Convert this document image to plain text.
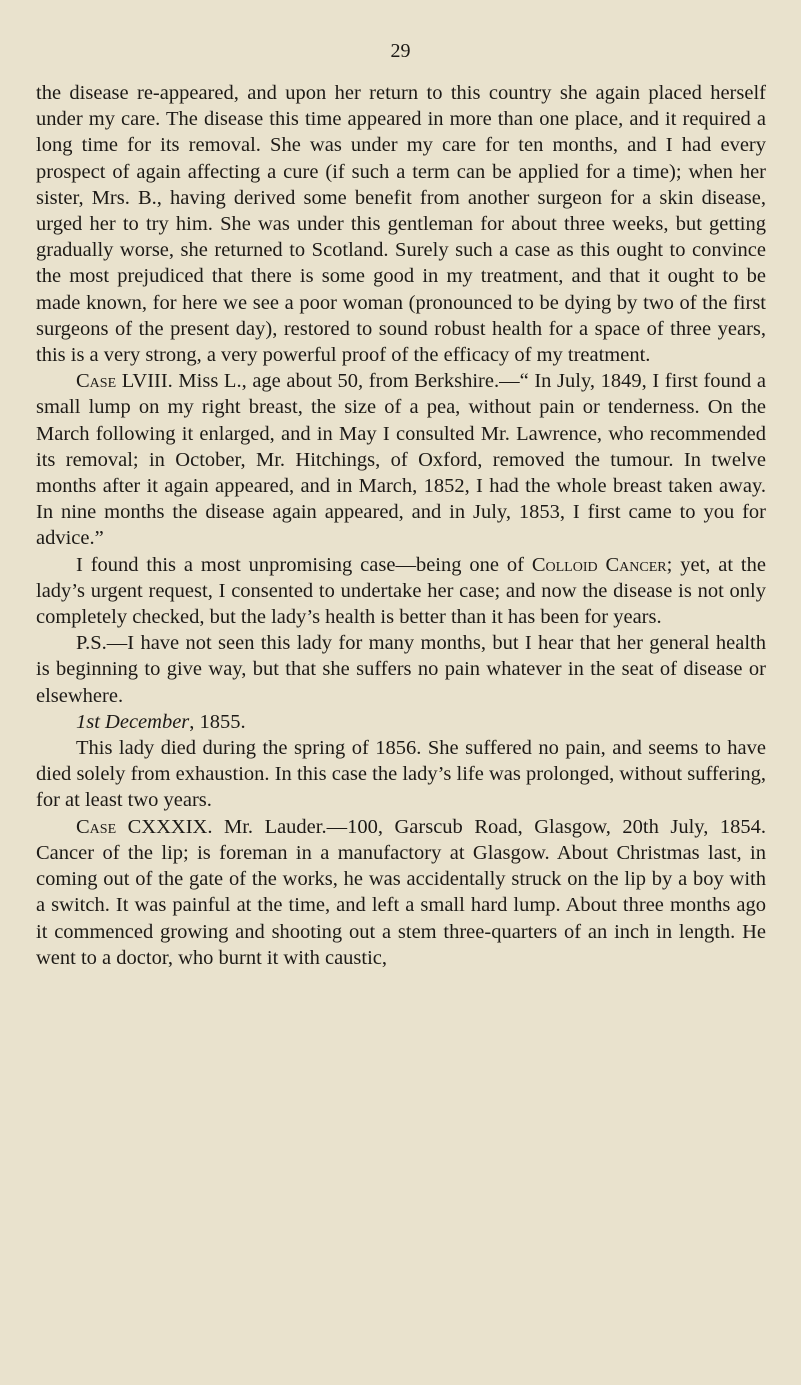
29

the disease re-appeared, and upon her return to this country she again placed herself under my care. The disease this time appeared in more than one place, and it required a long time for its removal. She was under my care for ten months, and I had every prospect of again affecting a cure (if such a term can be applied for a time); when her sister, Mrs. B., having derived some benefit from another surgeon for a skin disease, urged her to try him. She was under this gentleman for about three weeks, but getting gradually worse, she returned to Scotland. Surely such a case as this ought to convince the most prejudiced that there is some good in my treatment, and that it ought to be made known, for here we see a poor woman (pronounced to be dying by two of the first surgeons of the present day), restored to sound robust health for a space of three years, this is a very strong, a very powerful proof of the efficacy of my treatment.

Case LVIII. Miss L., age about 50, from Berkshire.—“ In July, 1849, I first found a small lump on my right breast, the size of a pea, without pain or tenderness. On the March following it enlarged, and in May I consulted Mr. Lawrence, who recommended its removal; in October, Mr. Hitchings, of Oxford, removed the tumour. In twelve months after it again appeared, and in March, 1852, I had the whole breast taken away. In nine months the disease again appeared, and in July, 1853, I first came to you for advice.”

I found this a most unpromising case—being one of Colloid Cancer; yet, at the lady’s urgent request, I consented to undertake her case; and now the disease is not only completely checked, but the lady’s health is better than it has been for years.

P.S.—I have not seen this lady for many months, but I hear that her general health is beginning to give way, but that she suffers no pain whatever in the seat of disease or elsewhere.

1st December, 1855.

This lady died during the spring of 1856. She suffered no pain, and seems to have died solely from exhaustion. In this case the lady’s life was prolonged, without suffering, for at least two years.

Case CXXXIX. Mr. Lauder.—100, Garscub Road, Glasgow, 20th July, 1854. Cancer of the lip; is foreman in a manufactory at Glasgow. About Christmas last, in coming out of the gate of the works, he was accidentally struck on the lip by a boy with a switch. It was painful at the time, and left a small hard lump. About three months ago it commenced growing and shooting out a stem three-quarters of an inch in length. He went to a doctor, who burnt it with caustic,
